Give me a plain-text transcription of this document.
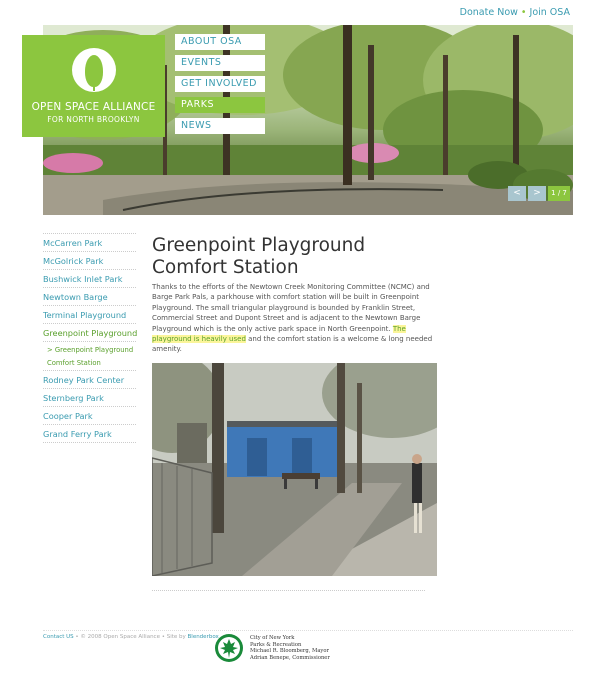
Donate Now • Join OSA
OPEN SPACE ALLIANCE
FOR NORTH BROOKLYN
ABOUT OSA
EVENTS
GET INVOLVED
PARKS
NEWS
<	>	1 / 7
McCarren Park
McGolrick Park
Bushwick Inlet Park
Newtown Barge
Terminal Playground
Greenpoint Playground
> Greenpoint Playground
Comfort Station
Rodney Park Center
Sternberg Park
Cooper Park
Grand Ferry Park
Greenpoint Playground
Comfort Station
Thanks to the efforts of the Newtown Creek Monitoring Committee (NCMC) and Barge Park Pals, a parkhouse with comfort station will be built in Greenpoint Playground. The small triangular playground is bounded by Franklin Street, Commercial Street and Dupont Street and is adjacent to the Newtown Barge Playground which is the only active park space in North Greenpoint. The playground is heavily used and the comfort station is a welcome & long needed amenity.
Contact US • © 2008 Open Space Alliance • Site by Blenderbox	City of New York
Parks & Recreation
Michael R. Bloomberg, Mayor
Adrian Benepe, Commissioner
